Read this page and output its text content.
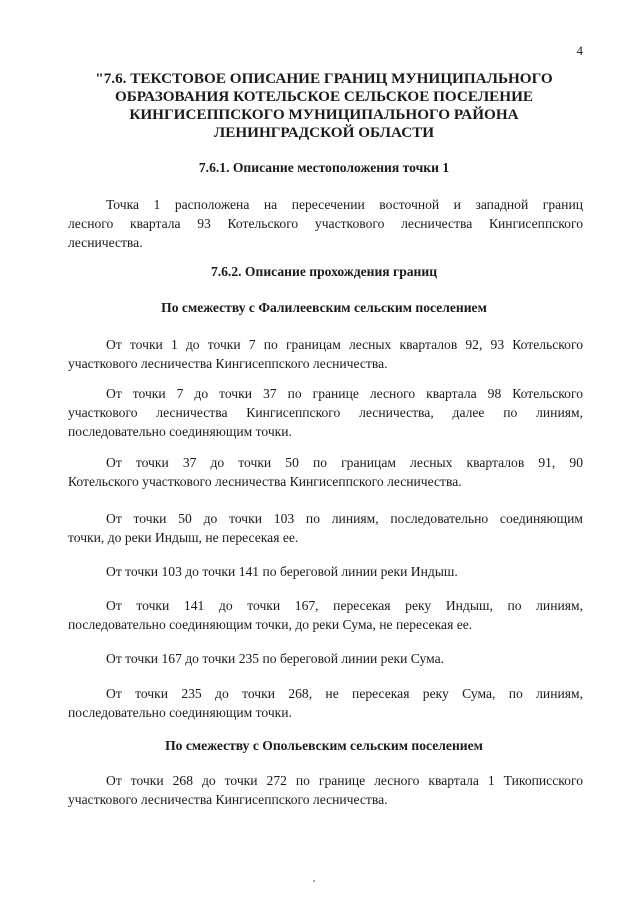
4
"7.6. ТЕКСТОВОЕ ОПИСАНИЕ ГРАНИЦ МУНИЦИПАЛЬНОГО
ОБРАЗОВАНИЯ КОТЕЛЬСКОЕ СЕЛЬСКОЕ ПОСЕЛЕНИЕ
КИНГИСЕППСКОГО МУНИЦИПАЛЬНОГО РАЙОНА
ЛЕНИНГРАДСКОЙ ОБЛАСТИ
7.6.1. Описание местоположения точки 1
Точка 1 расположена на пересечении восточной и западной границ
лесного квартала 93 Котельского участкового лесничества Кингисеппского
лесничества.
7.6.2. Описание прохождения границ
По смежеству с Фалилеевским сельским поселением
От точки 1 до точки 7 по границам лесных кварталов 92, 93 Котельского
участкового лесничества Кингисеппского лесничества.
От точки 7 до точки 37 по границе лесного квартала 98 Котельского
участкового лесничества Кингисеппского лесничества, далее по линиям,
последовательно соединяющим точки.
От точки 37 до точки 50 по границам лесных кварталов 91, 90
Котельского участкового лесничества Кингисеппского лесничества.
От точки 50 до точки 103 по линиям, последовательно соединяющим
точки, до реки Индыш, не пересекая ее.
От точки 103 до точки 141 по береговой линии реки Индыш.
От точки 141 до точки 167, пересекая реку Индыш, по линиям,
последовательно соединяющим точки, до реки Сума, не пересекая ее.
От точки 167 до точки 235 по береговой линии реки Сума.
От точки 235 до точки 268, не пересекая реку Сума, по линиям,
последовательно соединяющим точки.
По смежеству с Опольевским сельским поселением
От точки 268 до точки 272 по границе лесного квартала 1 Тикописского
участкового лесничества Кингисеппского лесничества.
